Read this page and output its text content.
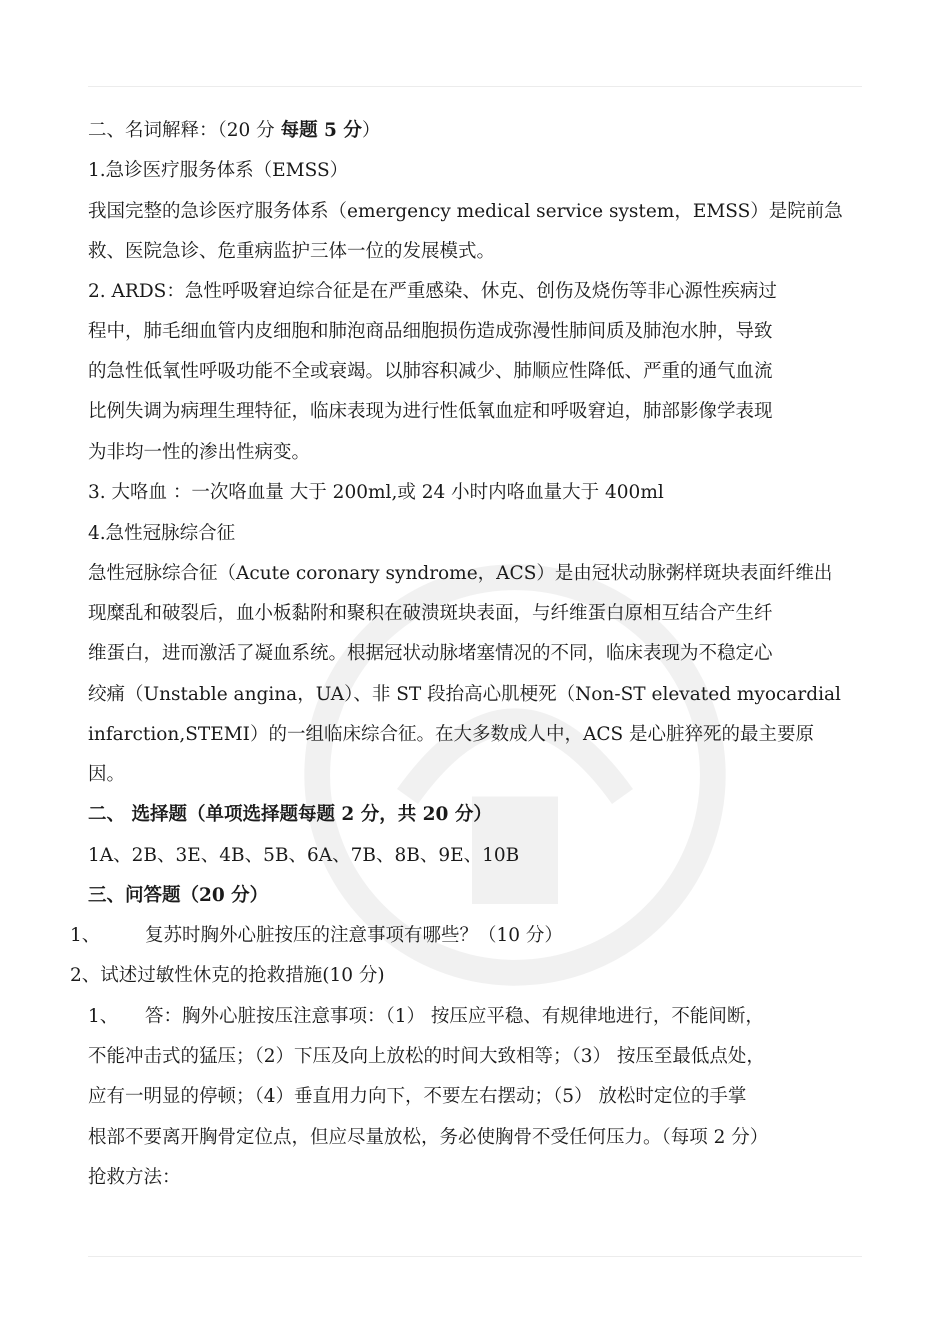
二、名词解释：（20 分 每题 5 分）
1.急诊医疗服务体系（EMSS）
我国完整的急诊医疗服务体系（emergency medical service system，EMSS）是院前急
救、医院急诊、危重病监护三体一位的发展模式。
2. ARDS：急性呼吸窘迫综合征是在严重感染、休克、创伤及烧伤等非心源性疾病过
程中，肺毛细血管内皮细胞和肺泡商品细胞损伤造成弥漫性肺间质及肺泡水肿，导致
的急性低氧性呼吸功能不全或衰竭。以肺容积减少、肺顺应性降低、严重的通气血流
比例失调为病理生理特征，临床表现为进行性低氧血症和呼吸窘迫，肺部影像学表现
为非均一性的渗出性病变。
3. 大咯血 ：一次咯血量 大于 200ml,或 24 小时内咯血量大于 400ml
4.急性冠脉综合征
急性冠脉综合征（Acute coronary syndrome，ACS）是由冠状动脉粥样斑块表面纤维出
现糜乱和破裂后，血小板黏附和聚积在破溃斑块表面，与纤维蛋白原相互结合产生纤
维蛋白，进而激活了凝血系统。根据冠状动脉堵塞情况的不同，临床表现为不稳定心
绞痛（Unstable angina，UA）、非 ST 段抬高心肌梗死（Non-ST elevated myocardial
infarction,STEMI）的一组临床综合征。在大多数成人中，ACS 是心脏猝死的最主要原
因。
二、 选择题（单项选择题每题 2 分，共 20 分）
1A、2B、3E、4B、5B、6A、7B、8B、9E、10B
三、问答题（20 分）
1、 复苏时胸外心脏按压的注意事项有哪些？（10 分）
2、试述过敏性休克的抢救措施(10 分)
1、 答：胸外心脏按压注意事项：（1） 按压应平稳、有规律地进行，不能间断，
不能冲击式的猛压；（2）下压及向上放松的时间大致相等；（3） 按压至最低点处，
应有一明显的停顿；（4）垂直用力向下，不要左右摆动；（5） 放松时定位的手掌
根部不要离开胸骨定位点，但应尽量放松，务必使胸骨不受任何压力。（每项 2 分）
抢救方法：
